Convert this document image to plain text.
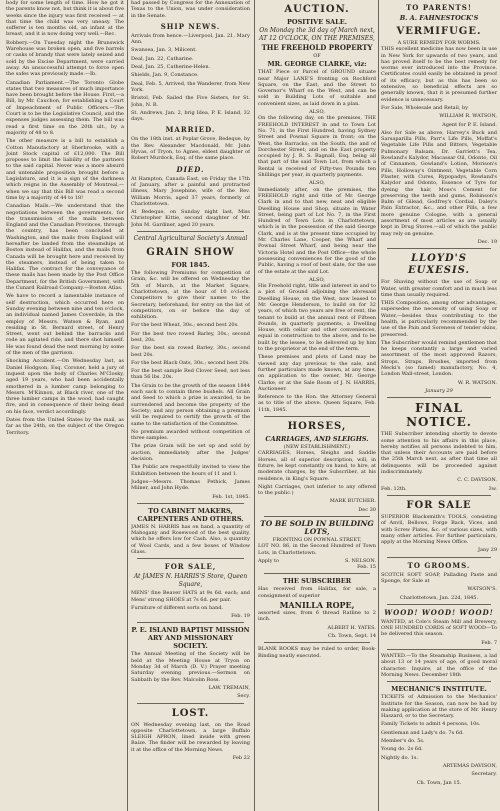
body for some length of time. How he got it the parents know not, but think it is about five weeks since the injury was first received — at that time the child was very uneasy. The sufferer is ten months old, an infant at the breast, and it is now doing very well.—Rec.

Robbery.—On Tuesday night the Brunswick Warehouse was broken open, and five barrels or casks of brandy that were lately seized and sold by the Excise Department, were carried away. An unsuccessful attempt to force open the safes was previously made.—Ib.

Canadian Parliament.—The Toronto Globe states that two measures of much importance have been brought before the House. First,—a Bill, by Mr. Cauchon, for establishing a Court of Impeachment of Public Officers.—The Court is to be the Legislative Council, and the expenses judges assessing them. The bill was read a first time on the 20th ult., by a majority of 48 to 8.

The other measure is a bill to establish a Cotton Manufactory at Sherbrooke, with a Joint Stock capital of £12,000. The Bill proposes to limit the liability of the partners to the said capital. Never was a more absurd and untenable proposition brought before a Legislature, and it is a sign of the darkness which reigns in the Assembly of Montreal,—when we say that this Bill was read a second time by a majority of 44 to 18!

Canadian Mails.—We understand that the negotiations between the governments, for the transmission of the mails between England and the Canadian Provinces, through the country, has been concluded at Washington, and the mails from England will hereafter be landed from the steamships at Boston instead of Halifax, and the mails from Canada will be brought here and received by the steamers, instead of being taken to Halifax. The contract for the conveyance of these mails has been made by the Post Office Department, for the British Government, with the Cunard Railroad Company.—Boston Atlas.

We have to record a lamentable instance of self destruction, which occurred here on Sunday evening between nine and ten o'clock, an individual named James Coverdale, in the employ of Messrs. Watson & Ryan, and residing in St. Bernard street, of Henry Street, went out behind the barracks and rode an agitated ride, and there shot himself. He was found dead the next morning by some of the men of the garrison.

Shocking Accident.—On Wednesday last, as Daniel Hodgson, Esq. Coroner, held a jury of inquest upon the body of Charles M'Closky, aged 19 years, who had been accidentally smothered in a lumber camp belonging to Messrs. M'Kinnon, at Black river, one of the three lumber camps in the wood, had caught fire, and in consequence of their being dead on his face, verdict accordingly.

Dates from the United States by the mail, as far as the 24th, on the subject of the Oregon Territory.

had passed by Congress for the Annexation of Texas to the Union, was under consideration in the Senate.

SHIP NEWS.

Arrivals from hence.—Liverpool, Jan. 21, Mary Ann.

Swansea, Jan. 3, Milicent.

Deal, Jan. 22, Catharine.

Deal, Jan. 25, Catherine-Helen.

Shields, Jan. 9, Constance.

Deal, Feb. 5, Arrived, the Wanderer, from New York.

Bristol, Feb. Sailed the Five Sisters, for St. John, N. B.

St. Andrews, Jan. 2, brig Idea, P. E. Island, 32 days.

MARRIED.

On the 18th inst. at Poplar Grove, Bedeque, by the Rev. Alexander Macdonald, Mr. John Hyvas, of Tryon, to Agnes, eldest daughter of Robert Murdock, Esq. of the same place.

DIED.

At Hampton, Canada East, on Friday the 17th of January, after a painful and protracted illness, Mary Josephine, wife of the Rev. William Morris, aged 37 years, formerly of Charlottetown.

At Bedeque, on Sunday night last, Miss Christopher Kittie, second daughter of Mr. John M. Gardiner, aged 20 years.

Central Agricultural Society's Annual
GRAIN SHOW
FOR 1845.

The following Premiums for competition of Grain, &c. will be offered on Wednesday the 5th of March, at the Market Square, Charlottetown, at the hour of 10 o'clock. Competitors to give their names to the Secretary, beforehand, for entry on the list of competitors, on or before the day of exhibition.

For the best Wheat, 30s.; second best 20s.

For the best two rowed Barley, 30s.; second best, 20s.

For the best six rowed Barley, 30s.; second best 20s.

For the best Black Oats, 30s.; second best 20s.

For the best sample Red Clover Seed, not less than 56 lbs. 20s.

The Grain to be the growth of the season 1844 each sack to contain three bushels. All Grain and Seed to which a prize is awarded, to be surrendered and become the property of the Society; and any person obtaining a premium will be required to certify the growth of the same to the satisfaction of the Committee.

No premium awarded without competition of three samples.

The prize Grain will be set up and sold by auction, immediately after the Judges' decision.

The Public are respectfully invited to view the Exhibition between the hours of 11 and 1.

Judges—Messrs. Thomas Pethick, James Milner, and John Hyde.

Feb. 1st, 1845.
TO CABINET MAKERS, CARPENTERS AND OTHERS.

JAMES N. HARRIS has on hand, a quantity of Mahogany and Rosewood of the best quality, which he offers low for Cash. Also, a quantity of Wool Cards, and a few boxes of Window Glass.

FOR SALE,
At JAMES N. HARRIS'S Store, Queen Square,

MENS' fine Beaver HATS at 9s 6d. each; and Mens' strong SHOES at 7s 6d. per pair.

Furniture of different sorts on hand.

Feb. 19
P. E. ISLAND BAPTIST MISSION ARY AND MISSIONARY SOCIETY.

The Annual Meeting of the Society will be held at the Meeting House at Tryon on Monday 3d of March (D. V.) Prayer meeting Saturday evening previous.—Sermon on Sabbath by the Rev. Malcolm Ross.

LAW. TREMAIN,
Secy.
LOST.

ON Wednesday evening last, on the Road opposite Charlottetown, a large Buffalo SLEIGH APRON, lined inside with green Baize. The finder will be rewarded by leaving it at the office of the Morning News.

Feb 22
AUCTION.
POSITIVE SALE.
On Monday the 3d day of March next, AT 12 O'CLOCK, ON THE PREMISES,
THE FREEHOLD PROPERTY
OF
MR. GEORGE CLARKE, viz:

THAT Piece or Parcel of GROUND situate near Major LANE'S fronting on Rochford Square, on the East, and the Street to Governor's Wharf on the West, and can be sold in Building Lots of suitable and convenient sizes, as laid down in a plan.

ALSO,

On the following day, on the premises, THE FREEHOLD INTEREST in and to Town Lot No. 71, in the First Hundred, having Sydney Street and Pownal Square in front; on the West, the Barracks; on the South, the and of Dorchester Street; and on the East property occupied by J. R. S. Bagnall, Esq. being all that part of the said Town Lot, from which a Rental is received of Fifty-two Pounds ten Shillings per year, in quarterly payments.

ALSO,

Immediately after, on the premises, the FREEHOLD right and title of Mr. George Clark in and to that new, neat and eligible Dwelling House and Shop, situate in Water Street, being part of Lot No. 7, in the First Hundred of Town Lots in Charlottetown, which is in the possession of the said George Clark, and is at the present time occupied by Mr. Charles Lane, Cooper, the Wharf and Pownal Street Wharf, and being near the Victoria Hotel and the Post Office—the whole possessing conveniences for the good of the Public, having a roof of best slate, for the use of the estate at the said Lot.

ALSO,

His Freehold right, title and interest in and to a plot of Ground adjoining the aforesaid Dwelling House, on the West, now leased to Mr. George Henderson, to build on for 32 years, of which two years are free of rent, the tenant to build at the annual rent of Fifteen Pounds, in quarterly payments, a Dwelling House, with cellar and other conveniences, equal in construction to the above, and to be built by the lessee, to be delivered up by him to the proprietor at the end of the term.

These premises and plots of Land may be viewed any day previous to the sale, and further particulars made known, at any time, on application to the owner, Mr. George Clarke, or at the Sale Room of J. N. HARRIS, Auctioneer.

Reference to the Hon. the Attorney General as to title of the above. Queen Square, Feb. 11th, 1845.

HORSES,
CARRIAGES, AND SLEIGHS.
(NEW ESTABLISHMENT.)

CARRIAGES, Horses, Sleighs and Saddle Horses, all of superior description, will, in future, be kept constantly on hand, to hire, at moderate charges, by the Subscriber, at his residence, in King's Square.

Night Carriages, (not inferior to any offered to the public.)

MARK BUTCHER.
Dec 30
TO BE SOLD IN BUILDING LOTS,
FRONTING ON POWNAL STREET,

LOT NO. 86, in the Second Hundred of Town Lots, in Charlottetown.

Apply to	S. NELSON.
Feb. 15
THE SUBSCRIBER

Has received from Halifax, for sale, a consignment of superior

MANILLA ROPE,

assorted sizes, from 6 thread Ratline to 2 inch.

ALBERT H. YATES.
Ch. Town, Sept. 14

BLANK BOOKS may be ruled to order, Book-Binding neatly executed.

TO PARENTS!
B. A. FAHNESTOCK'S
VERMIFUGE.
A SURE REMEDY FOR WORMS.

THIS excellent medicine has now been in use in New York for upwards of two years, and has proved itself to be the best remedy for worms ever introduced into the Province. Certificates could easily be obtained in proof of its efficacy, but as this has been so extensive, so beneficial effects are so generally known, that it is presumed further evidence is unnecessary.

For Sale, Wholesale and Retail, by

WILLIAM R. WATSON,
Agent for P. E. Island.

Also for Sale as above, Harvey's Buck and Sarsaparilla Pills, Parr's Life Pills, Moffat's Vegetable Life Pills and Bitters, Vegetable Pulmonary Balsam, Dr. Garriett's Tea, Rowland's Kalydor, Macassar Oil, Odonto, Oil of Cinnamon, Gowland's Lotion, Morison's Pills, Holloway's Ointment, Vegetable Corn Plaster, with Cures, Rypopadys, Rowland's Kalydor and Odonto, Essence of Tyre for dyeing the hair, Moss's Cement for preserving the teeth and gums, Robinson's Balm of Gilead, Godfrey's Cordial, Daley's Pain Extractor, &c., and other Pills, a few more genuine Cologne, with a general assortment of most articles as are usually kept in Drug Stores.—all of which the public may rely on genuine.

Dec. 19
LLOYD'S EUXESIS.

For Shaving without the use of Soap or Water, with greater comfort and in much less time than usually required.

THIS Composition, among other advantages, supersedes the necessity of using Soap or Water,—besides thus contributing to the health, is particularly recommended by the use of the Pain and Soreness of tender skins, preserved.

The Subscriber would remind gentlemen that he keeps constantly a large and varied assortment of the most approved Razors, Strops, Straps, Brushes, imported from Mecki's (so famed) manufactory, No. 4, London Wall-street, London.

W. R. WATSON.
January 29
FINAL NOTICE.

THE Subscriber intending shortly to devote some attention to his affairs in this place, hereby notifies all persons indebted to him, that unless their Accounts are paid before the 25th March next, as after that time all delinquents will be proceeded against indiscriminately.

C. C. DAVISON.
Feb. 12th.	3w.
FOR SALE

SUPERIOR Blacksmith's TOOLS, consisting of Anvil, Bellows, Forge Back, Vices, and with Screw Plates, &c. of various sizes, with many other articles. For further particulars, apply at the Morning News Office.

Jany 29
TO GROOMS.

SCOTCH SOFT SOAP, Pallading Paste and Sponge, for Sale at

WATSON'S.
Charlottetown, Jan. 22d, 1845.
WOOD! WOOD! WOOD!

WANTED, at Cole's Steam Mill and Brewery, ONE HUNDRED CORDS of SOFT WOOD—To be delivered this season.

Feb. 7

WANTED.—To the Steamship Business, a lad about 13 or 14 years of age, of good moral character. Inquire, at the office of the Morning News. December 18th

MECHANIC'S INSTITUTE.

TICKETS of Admission to the Mechanics' Institute for the Season, can now be had by making application at the store of Mr. Henry Haszard, or to the Secretary.

Family Tickets to admit 4 persons, 10s.

Gentleman and Lady's do. 7s 6d.

Member's do. 5s.

Young do. 2s 6d.

Nightly do. 1s.

ARTEMAS DAVISON,
Secretary.
Ch. Town, Jan 15.
